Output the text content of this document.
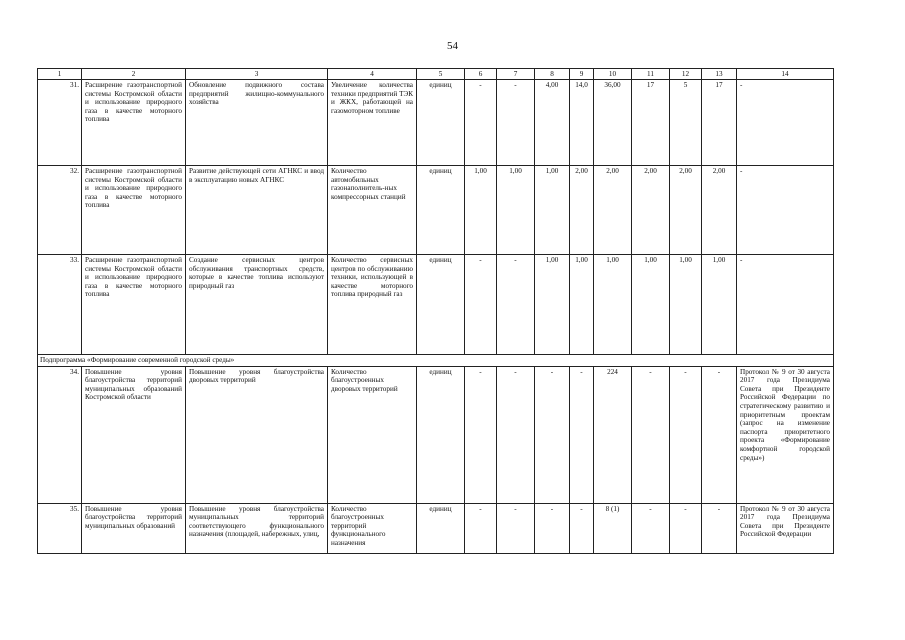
54
1	2	3	4	5	6	7	8	9	10	11	12	13	14
31.	Расширение газотранспортной системы Костромской области и использование природного газа в качестве моторного топлива	Обновление подвижного состава предприятий жилищно-коммунального хозяйства	Увеличение количества техники предприятий ТЭК и ЖКХ, работающей на газомоторном топливе	единиц	-	-	4,00	14,0	36,00	17	5	17	-
32.	Расширение газотранспортной системы Костромской области и использование природного газа в качестве моторного топлива	Развитие действующей сети АГНКС и ввод в эксплуатацию новых АГНКС	Количество автомобильных газонаполнитель-ных компрессорных станций	единиц	1,00	1,00	1,00	2,00	2,00	2,00	2,00	2,00	-
33.	Расширение газотранспортной системы Костромской области и использование природного газа в качестве моторного топлива	Создание сервисных центров обслуживания транспортных средств, которые в качестве топлива используют природный газ	Количество сервисных центров по обслуживанию техники, использующей в качестве моторного топлива природный газ	единиц	-	-	1,00	1,00	1,00	1,00	1,00	1,00	-
Подпрограмма «Формирование современной городской среды»													
34.	Повышение уровня благоустройства территорий муниципальных образований Костромской области	Повышение уровня благоустройства дворовых территорий	Количество благоустроенных дворовых территорий	единиц	-	-	-	-	224	-	-	-	Протокол № 9 от 30 августа 2017 года Президиума Совета при Президенте Российской Федерации по стратегическому развитию и приоритетным проектам (запрос на изменение паспорта приоритетного проекта «Формирование комфортной городской среды»)
35.	Повышение уровня благоустройства территорий муниципальных образований	Повышение уровня благоустройства муниципальных территорий соответствующего функционального назначения (площадей, набережных, улиц,	Количество благоустроенных территорий функционального назначения	единиц	-	-	-	-	8 (1)	-	-	-	Протокол № 9 от 30 августа 2017 года Президиума Совета при Президенте Российской Федерации
